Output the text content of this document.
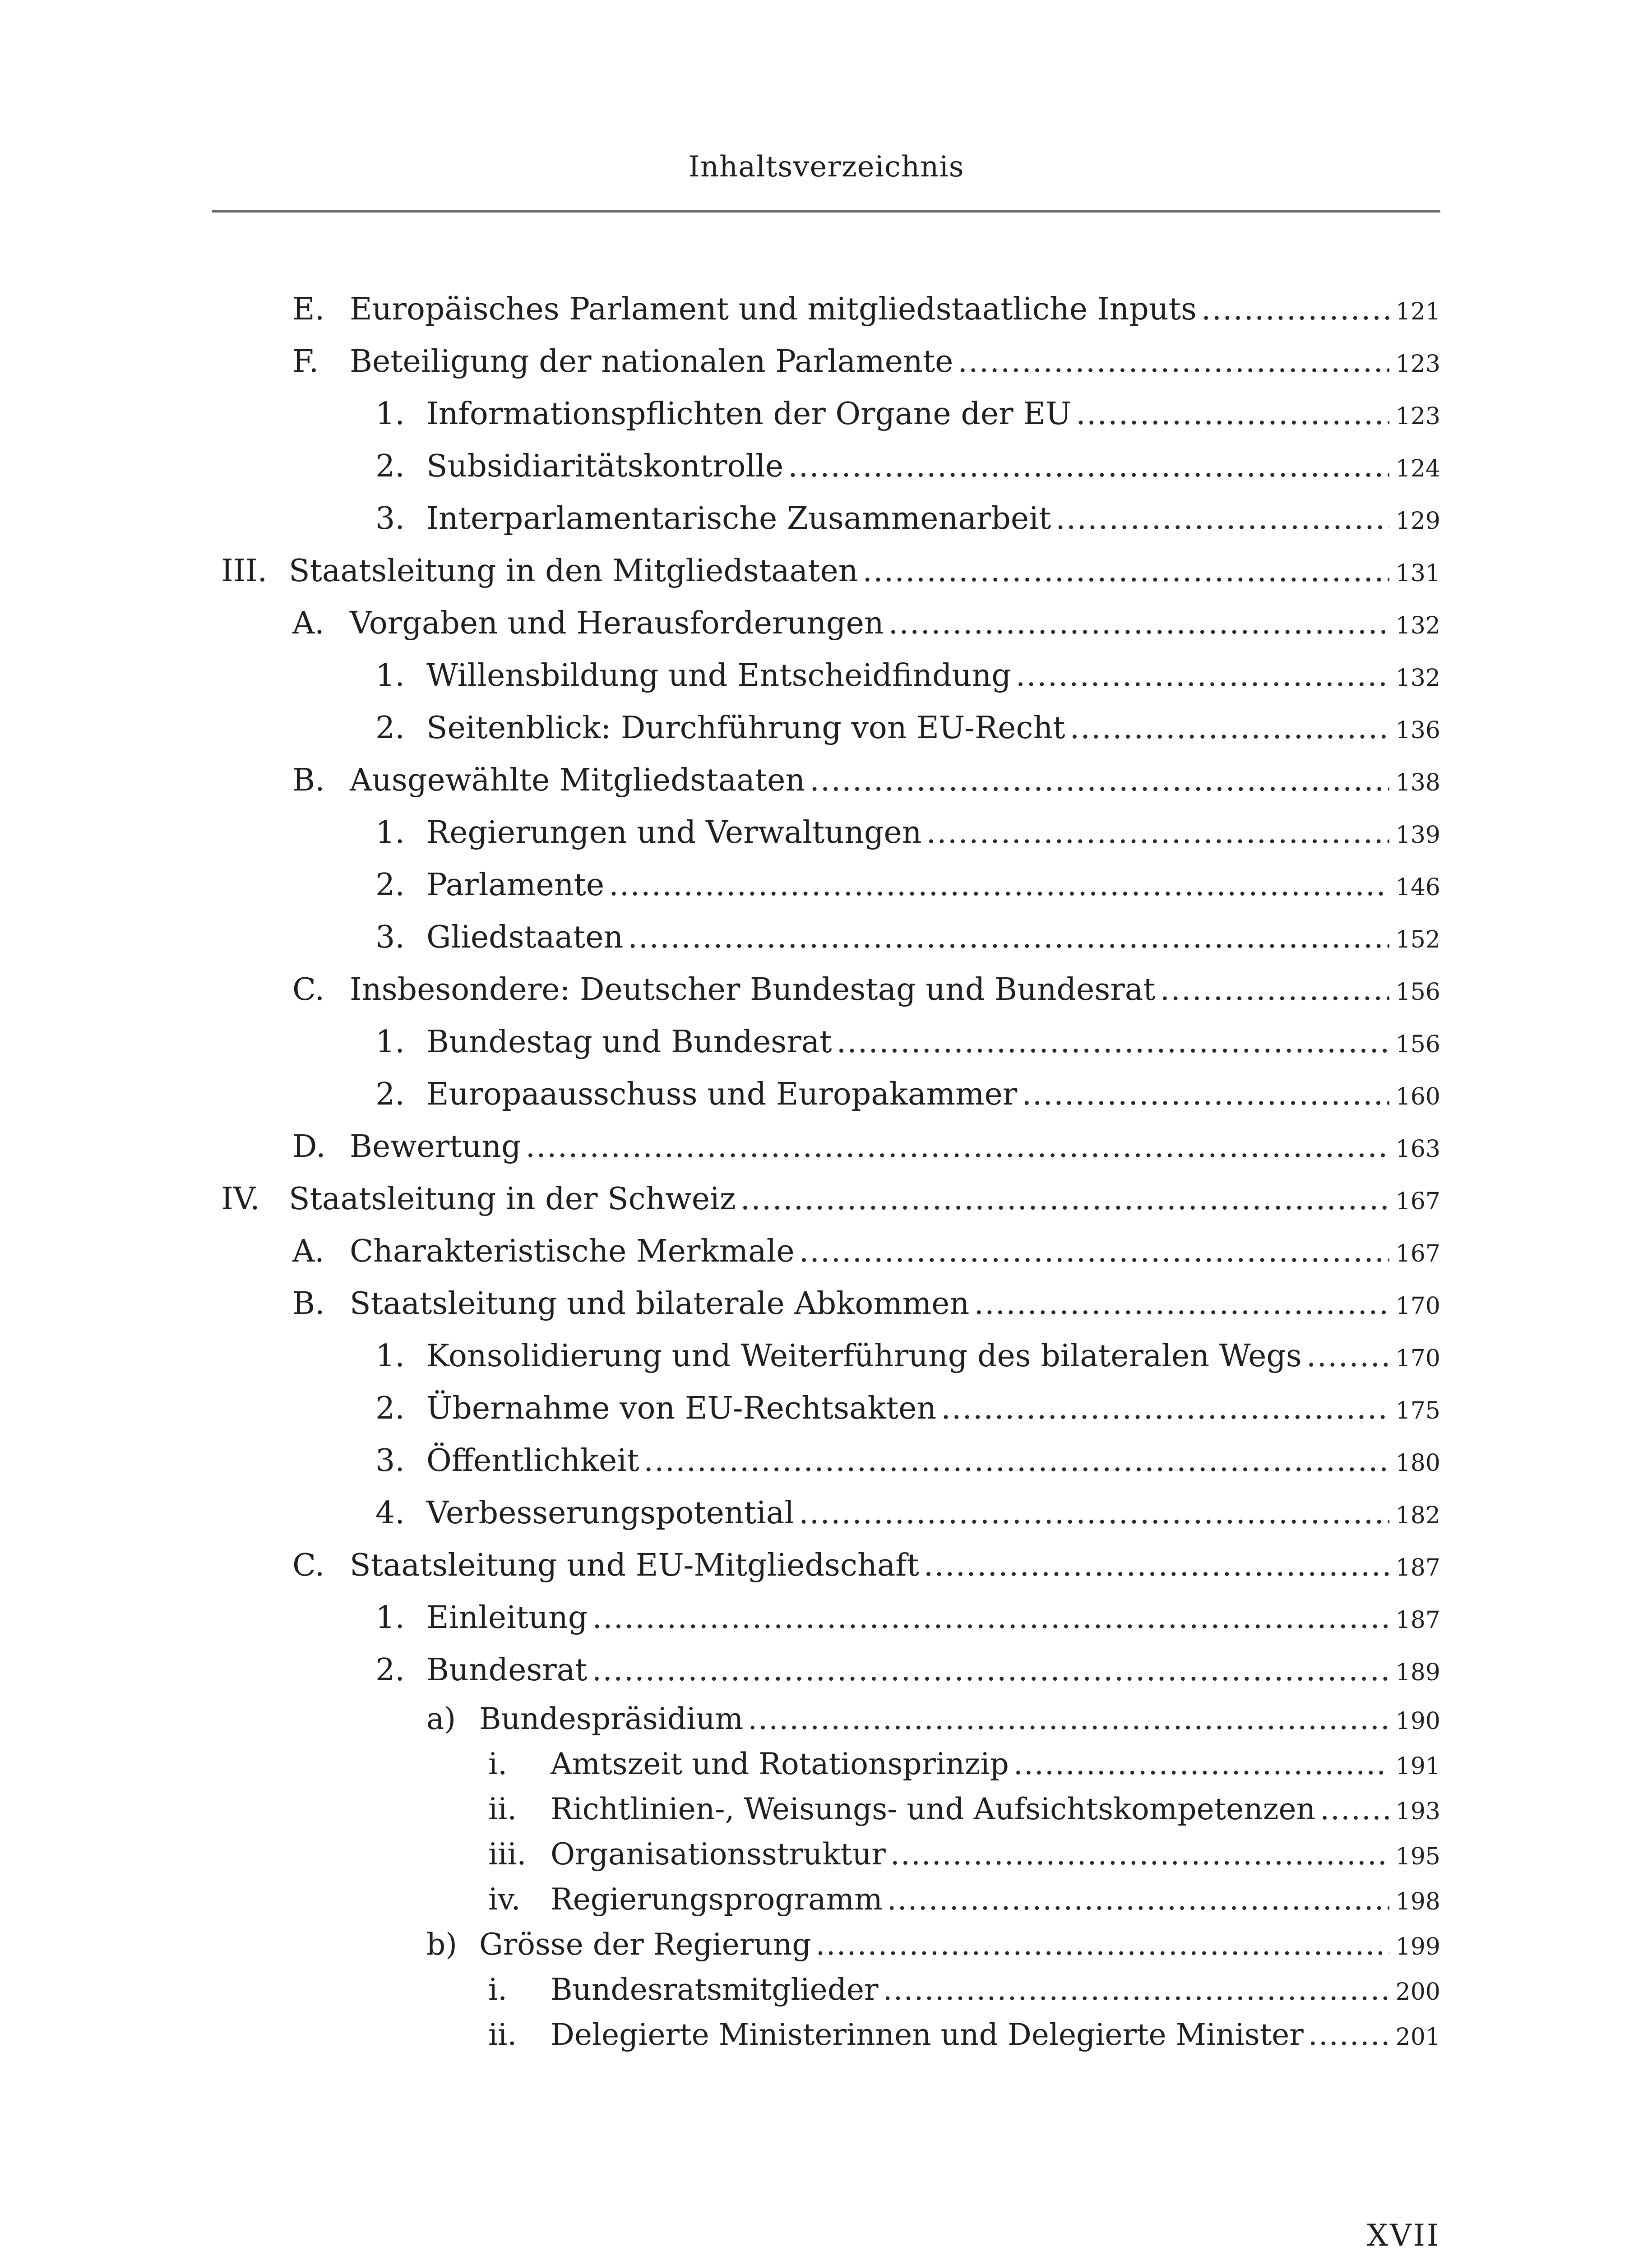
Inhaltsverzeichnis
E. Europäisches Parlament und mitgliedstaatliche Inputs .....	121
F. Beteiligung der nationalen Parlamente .....	123
1. Informationspflichten der Organe der EU .....	123
2. Subsidiaritätskontrolle .....	124
3. Interparlamentarische Zusammenarbeit .....	129
III. Staatsleitung in den Mitgliedstaaten .....	131
A. Vorgaben und Herausforderungen .....	132
1. Willensbildung und Entscheidfindung .....	132
2. Seitenblick: Durchführung von EU-Recht .....	136
B. Ausgewählte Mitgliedstaaten .....	138
1. Regierungen und Verwaltungen .....	139
2. Parlamente .....	146
3. Gliedstaaten .....	152
C. Insbesondere: Deutscher Bundestag und Bundesrat .....	156
1. Bundestag und Bundesrat .....	156
2. Europaausschuss und Europakammer .....	160
D. Bewertung .....	163
IV. Staatsleitung in der Schweiz .....	167
A. Charakteristische Merkmale .....	167
B. Staatsleitung und bilaterale Abkommen .....	170
1. Konsolidierung und Weiterführung des bilateralen Wegs .....	170
2. Übernahme von EU-Rechtsakten .....	175
3. Öffentlichkeit .....	180
4. Verbesserungspotential .....	182
C. Staatsleitung und EU-Mitgliedschaft .....	187
1. Einleitung .....	187
2. Bundesrat .....	189
a) Bundespräsidium .....	190
i. Amtszeit und Rotationsprinzip .....	191
ii. Richtlinien-, Weisungs- und Aufsichtskompetenzen .....	193
iii. Organisationsstruktur .....	195
iv. Regierungsprogramm .....	198
b) Grösse der Regierung .....	199
i. Bundesratsmitglieder .....	200
ii. Delegierte Ministerinnen und Delegierte Minister .....	201
XVII
